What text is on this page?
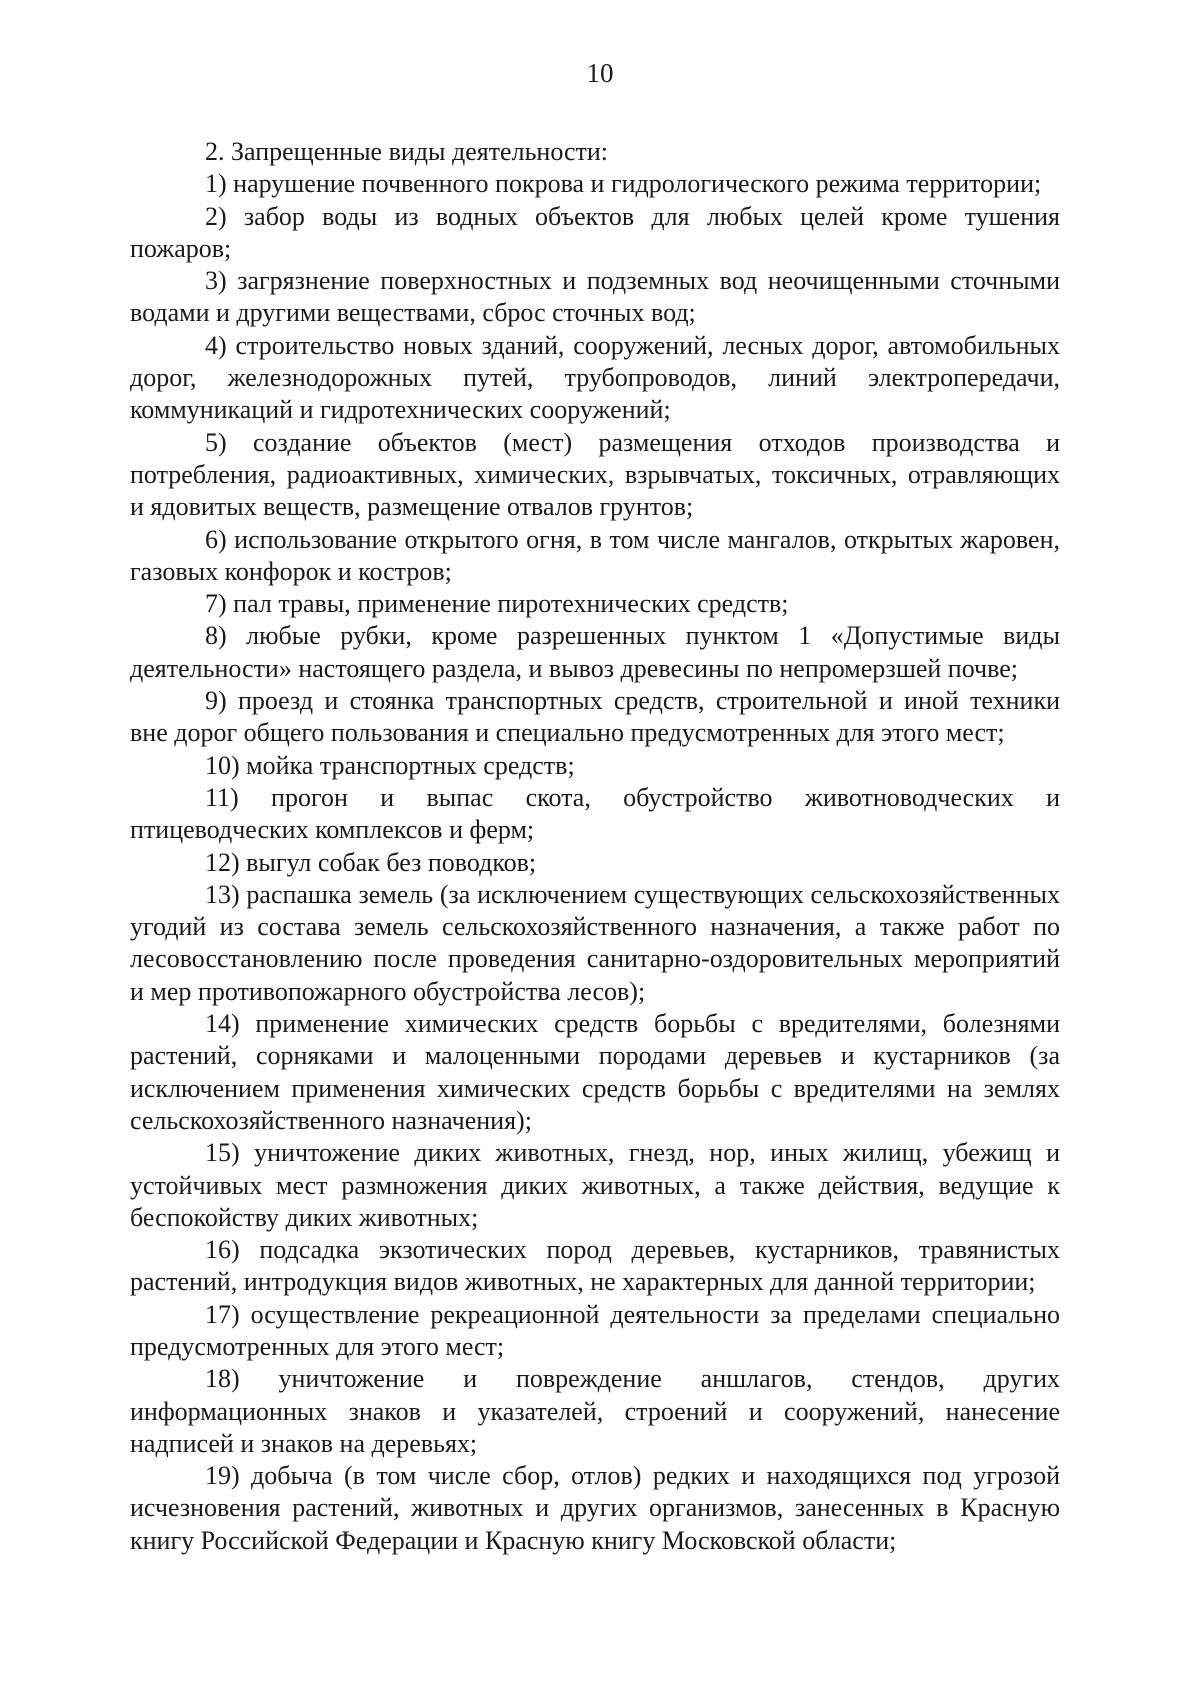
10

2. Запрещенные виды деятельности:

1) нарушение почвенного покрова и гидрологического режима территории;

2) забор воды из водных объектов для любых целей кроме тушения пожаров;

3) загрязнение поверхностных и подземных вод неочищенными сточными водами и другими веществами, сброс сточных вод;

4) строительство новых зданий, сооружений, лесных дорог, автомобильных дорог, железнодорожных путей, трубопроводов, линий электропередачи, коммуникаций и гидротехнических сооружений;

5) создание объектов (мест) размещения отходов производства и потребления, радиоактивных, химических, взрывчатых, токсичных, отравляющих и ядовитых веществ, размещение отвалов грунтов;

6) использование открытого огня, в том числе мангалов, открытых жаровен, газовых конфорок и костров;

7) пал травы, применение пиротехнических средств;

8) любые рубки, кроме разрешенных пунктом 1 «Допустимые виды деятельности» настоящего раздела, и вывоз древесины по непромерзшей почве;

9) проезд и стоянка транспортных средств, строительной и иной техники вне дорог общего пользования и специально предусмотренных для этого мест;

10) мойка транспортных средств;

11) прогон и выпас скота, обустройство животноводческих и птицеводческих комплексов и ферм;

12) выгул собак без поводков;

13) распашка земель (за исключением существующих сельскохозяйственных угодий из состава земель сельскохозяйственного назначения, а также работ по лесовосстановлению после проведения санитарно-оздоровительных мероприятий и мер противопожарного обустройства лесов);

14) применение химических средств борьбы с вредителями, болезнями растений, сорняками и малоценными породами деревьев и кустарников (за исключением применения химических средств борьбы с вредителями на землях сельскохозяйственного назначения);

15) уничтожение диких животных, гнезд, нор, иных жилищ, убежищ и устойчивых мест размножения диких животных, а также действия, ведущие к беспокойству диких животных;

16) подсадка экзотических пород деревьев, кустарников, травянистых растений, интродукция видов животных, не характерных для данной территории;

17) осуществление рекреационной деятельности за пределами специально предусмотренных для этого мест;

18) уничтожение и повреждение аншлагов, стендов, других информационных знаков и указателей, строений и сооружений, нанесение надписей и знаков на деревьях;

19) добыча (в том числе сбор, отлов) редких и находящихся под угрозой исчезновения растений, животных и других организмов, занесенных в Красную книгу Российской Федерации и Красную книгу Московской области;
